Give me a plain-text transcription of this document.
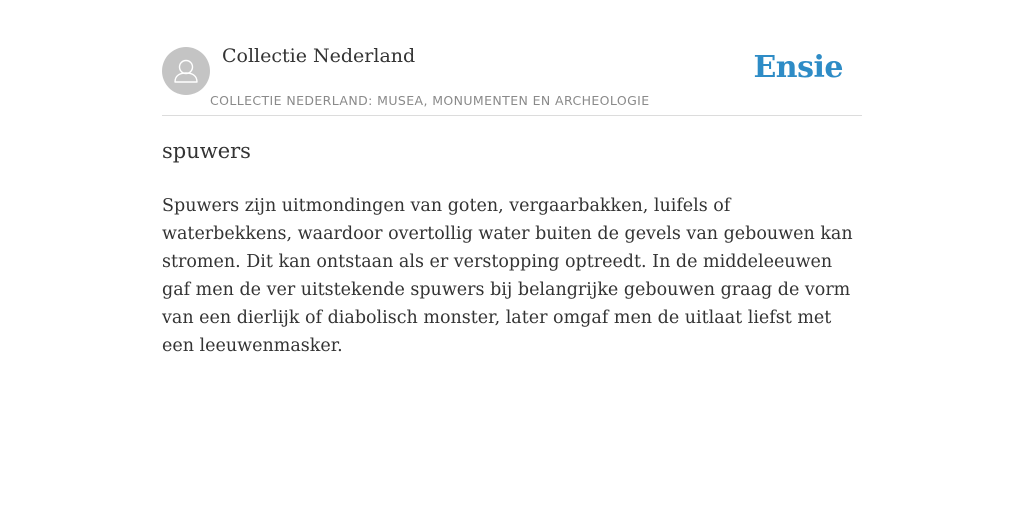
Collectie Nederland
COLLECTIE NEDERLAND: MUSEA, MONUMENTEN EN ARCHEOLOGIE
Ensie
spuwers

Spuwers zijn uitmondingen van goten, vergaarbakken, luifels of waterbekkens, waardoor overtollig water buiten de gevels van gebouwen kan stromen. Dit kan ontstaan als er verstopping optreedt. In de middeleeuwen gaf men de ver uitstekende spuwers bij belangrijke gebouwen graag de vorm van een dierlijk of diabolisch monster, later omgaf men de uitlaat liefst met een leeuwenmasker.
